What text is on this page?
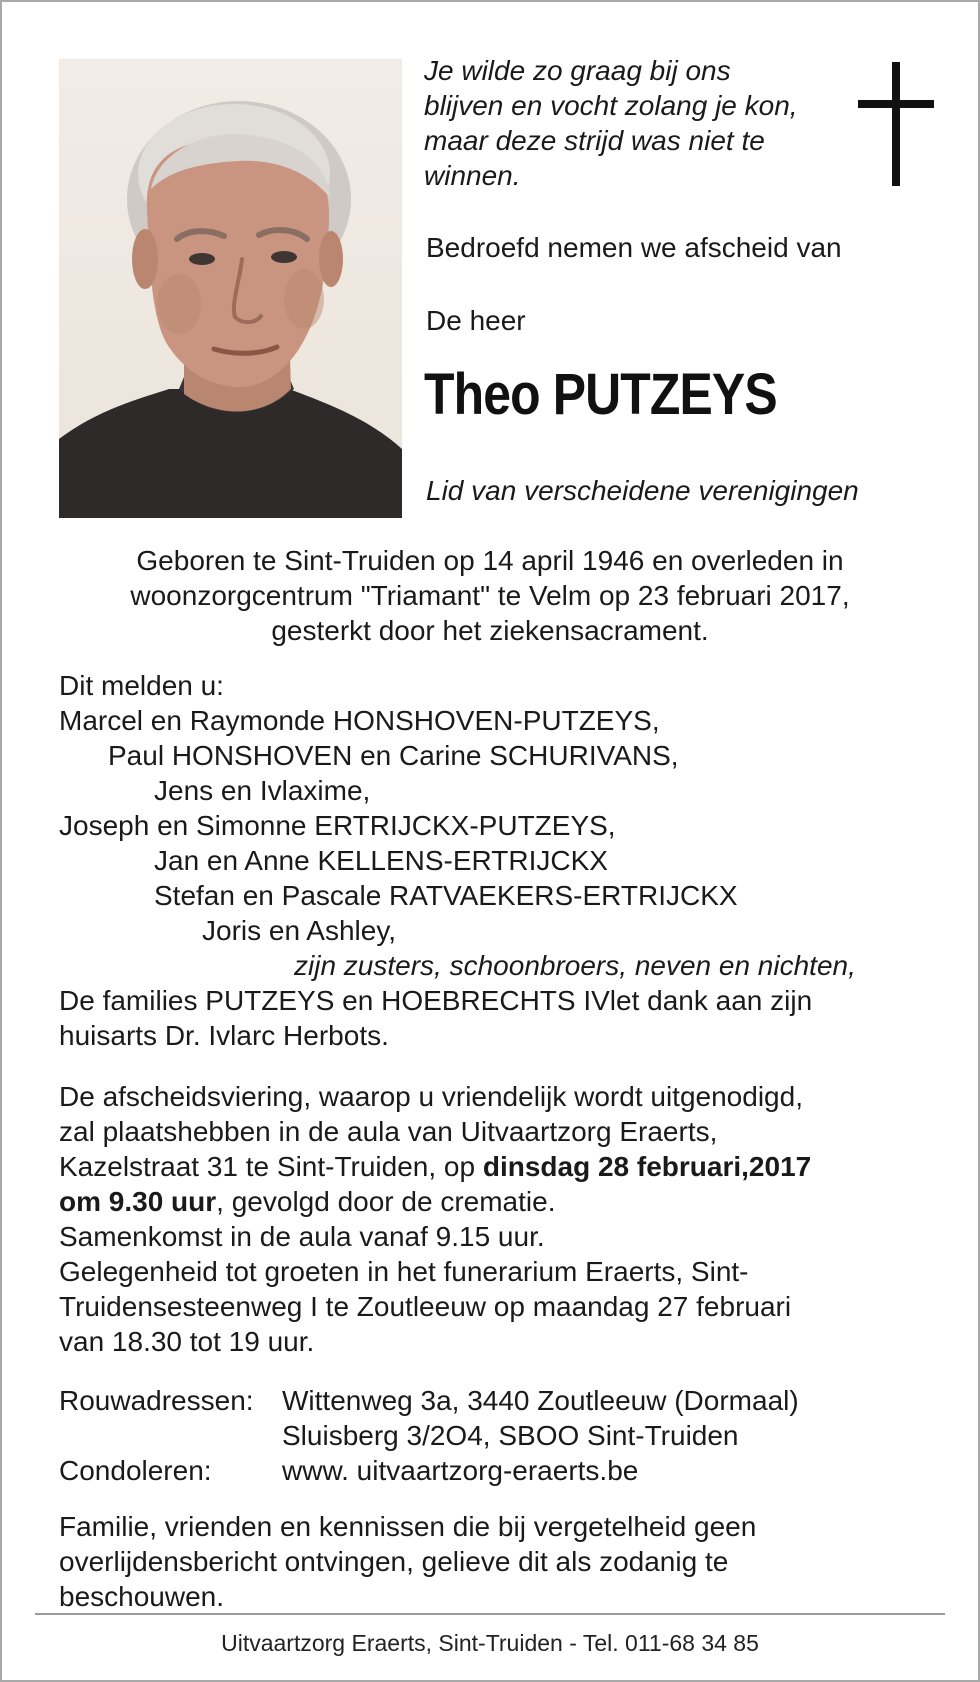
Je wilde zo graag bij ons
blijven en vocht zolang je kon,
maar deze strijd was niet te
winnen.
Bedroefd nemen we afscheid van
De heer
Theo PUTZEYS
Lid van verscheidene verenigingen
Geboren te Sint-Truiden op 14 april 1946 en overleden in
woonzorgcentrum "Triamant" te Velm op 23 februari 2017,
gesterkt door het ziekensacrament.
Dit melden u:
Marcel en Raymonde HONSHOVEN-PUTZEYS,
Paul HONSHOVEN en Carine SCHURIVANS,
Jens en Ivlaxime,
Joseph en Simonne ERTRIJCKX-PUTZEYS,
Jan en Anne KELLENS-ERTRIJCKX
Stefan en Pascale RATVAEKERS-ERTRIJCKX
Joris en Ashley,
zijn zusters, schoonbroers, neven en nichten,
De families PUTZEYS en HOEBRECHTS IVlet dank aan zijn
huisarts Dr. Ivlarc Herbots.
De afscheidsviering, waarop u vriendelijk wordt uitgenodigd,
zal plaatshebben in de aula van Uitvaartzorg Eraerts,
Kazelstraat 31 te Sint-Truiden, op dinsdag 28 februari,2017
om 9.30 uur, gevolgd door de crematie.
Samenkomst in de aula vanaf 9.15 uur.
Gelegenheid tot groeten in het funerarium Eraerts, Sint-
Truidensesteenweg I te Zoutleeuw op maandag 27 februari
van 18.30 tot 19 uur.
Rouwadressen: Wittenweg 3a, 3440 Zoutleeuw (Dormaal)
Sluisberg 3/2O4, SBOO Sint-Truiden
Condoleren:	www. uitvaartzorg-eraerts.be
Familie, vrienden en kennissen die bij vergetelheid geen
overlijdensbericht ontvingen, gelieve dit als zodanig te
beschouwen.
Uitvaartzorg Eraerts, Sint-Truiden - Tel. 011-68 34 85
